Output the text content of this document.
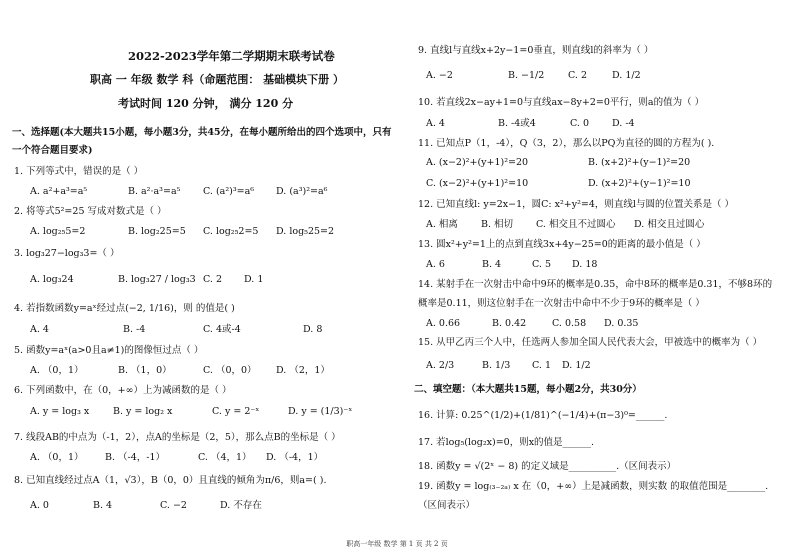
2022-2023学年第二学期期末联考试卷
职高 一 年级 数学 科（命题范围： 基础模块下册 ）
考试时间 120 分钟， 满分 120 分
一、选择题(本大题共15小题，每小题3分，共45分，在每小题所给出的四个选项中，只有
一个符合题目要求)
1. 下列等式中，错误的是（ ）
A. a²+a³=a⁵	B. a²·a³=a⁵ C. (a²)³=a⁶ D. (a³)²=a⁶
2. 将等式5²=25 写成对数式是（ ）
A. log₂₅5=2	B. log₂25=5 C. log₂₅2=5 D. log₅25=2
3. log₃27−log₃3=（ ）
A. log₃24	B. log₃27 / log₃3 C. 2 D. 1
4. 若指数函数y=aˣ经过点(−2, 1/16)，则 的值是( )
A. 4	B. -4	C. 4或-4	D. 8
5. 函数y=aˣ(a>0且a≠1)的图像恒过点（ ）
A. （0，1）	B. （1，0）	C. （0，0） D. （2，1）
6. 下列函数中，在（0，+∞）上为减函数的是（ ）
A. y = log₃ x B. y = log₂ x	C. y = 2⁻ˣ	D. y = (1/3)⁻ˣ
7. 线段AB的中点为（-1，2），点A的坐标是（2，5），那么点B的坐标是（ ）
A. （0，1） B. （-4，-1）	C. （4，1） D. （-4，1）
8. 已知直线经过点A（1，√3），B（0，0）且直线的倾角为π/6，则a=( ).
A. 0	B. 4	C. −2	D. 不存在
9. 直线l与直线x+2y−1=0垂直，则直线l的斜率为（ ）
A. −2	B. −1/2 C. 2	D. 1/2
10. 若直线2x−ay+1=0与直线ax−8y+2=0平行，则a的值为（ ）
A. 4	B. -4或4	C. 0 D. -4
11. 已知点P（1，-4），Q（3，2），那么以PQ为直径的圆的方程为( ).
A. (x−2)²+(y+1)²=20	B. (x+2)²+(y−1)²=20
C. (x−2)²+(y+1)²=10	D. (x+2)²+(y−1)²=10
12. 已知直线l: y=2x−1，圆C: x²+y²=4，则直线l与圆的位置关系是（ ）
A. 相离 B. 相切 C. 相交且不过圆心 D. 相交且过圆心
13. 圆x²+y²=1上的点到直线3x+4y−25=0的距离的最小值是（ ）
A. 6	B. 4	C. 5 D. 18
14. 某射手在一次射击中命中9环的概率是0.35，命中8环的概率是0.31，不够8环的
概率是0.11，则这位射手在一次射击中命中不少于9环的概率是（ ）
A. 0.66	B. 0.42	C. 0.58 D. 0.35
15. 从甲乙丙三个人中，任选两人参加全国人民代表大会，甲被选中的概率为（ ）
A. 2/3	B. 1/3 C. 1 D. 1/2
二、填空题：（本大题共15题，每小题2分，共30分）
16. 计算: 0.25^(1/2)+(1/81)^(−1/4)+(π−3)⁰=______.
17. 若log₅(log₂x)=0，则x的值是______.
18. 函数y = √(2ˣ − 8) 的定义域是__________.（区间表示）
19. 函数y = log₍₃₋₂ₐ₎ x 在（0，+∞）上是减函数，则实数 的取值范围是________.
（区间表示）
职高一年级 数学 第 1 页 共 2 页
